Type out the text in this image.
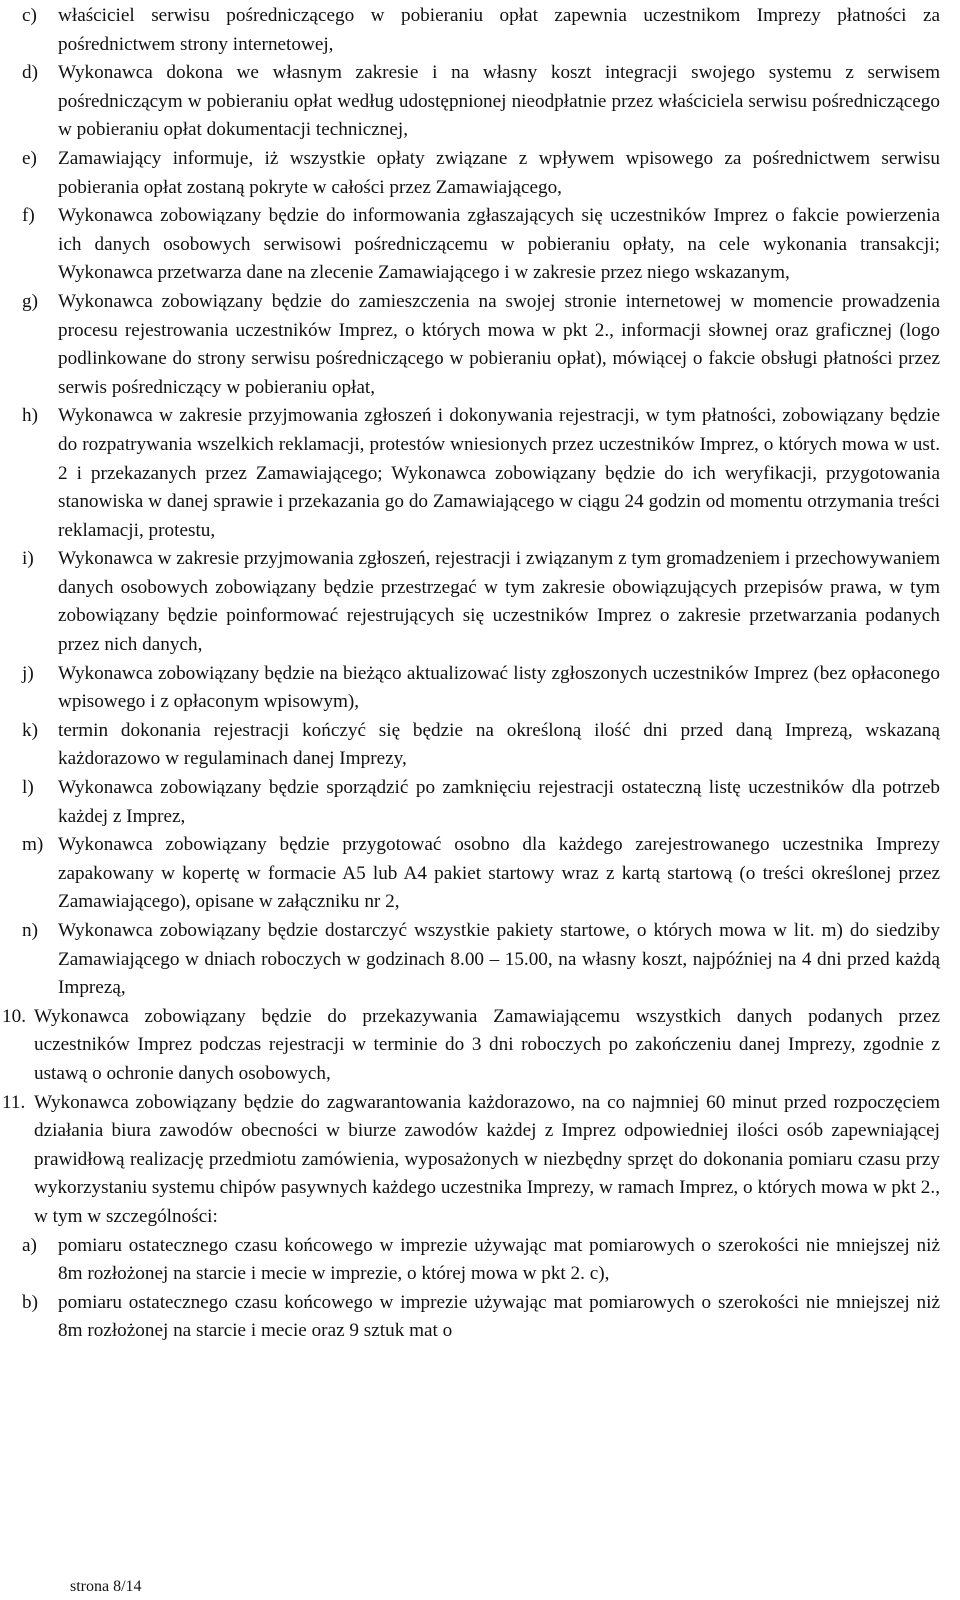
c) właściciel serwisu pośredniczącego w pobieraniu opłat zapewnia uczestnikom Imprezy płatności za pośrednictwem strony internetowej,
d) Wykonawca dokona we własnym zakresie i na własny koszt integracji swojego systemu z serwisem pośredniczącym w pobieraniu opłat według udostępnionej nieodpłatnie przez właściciela serwisu pośredniczącego w pobieraniu opłat dokumentacji technicznej,
e) Zamawiający informuje, iż wszystkie opłaty związane z wpływem wpisowego za pośrednictwem serwisu pobierania opłat zostaną pokryte w całości przez Zamawiającego,
f) Wykonawca zobowiązany będzie do informowania zgłaszających się uczestników Imprez o fakcie powierzenia ich danych osobowych serwisowi pośredniczącemu w pobieraniu opłaty, na cele wykonania transakcji; Wykonawca przetwarza dane na zlecenie Zamawiającego i w zakresie przez niego wskazanym,
g) Wykonawca zobowiązany będzie do zamieszczenia na swojej stronie internetowej w momencie prowadzenia procesu rejestrowania uczestników Imprez, o których mowa w pkt 2., informacji słownej oraz graficznej (logo podlinkowane do strony serwisu pośredniczącego w pobieraniu opłat), mówiącej o fakcie obsługi płatności przez serwis pośredniczący w pobieraniu opłat,
h) Wykonawca w zakresie przyjmowania zgłoszeń i dokonywania rejestracji, w tym płatności, zobowiązany będzie do rozpatrywania wszelkich reklamacji, protestów wniesionych przez uczestników Imprez, o których mowa w ust. 2 i przekazanych przez Zamawiającego; Wykonawca zobowiązany będzie do ich weryfikacji, przygotowania stanowiska w danej sprawie i przekazania go do Zamawiającego w ciągu 24 godzin od momentu otrzymania treści reklamacji, protestu,
i) Wykonawca w zakresie przyjmowania zgłoszeń, rejestracji i związanym z tym gromadzeniem i przechowywaniem danych osobowych zobowiązany będzie przestrzegać w tym zakresie obowiązujących przepisów prawa, w tym zobowiązany będzie poinformować rejestrujących się uczestników Imprez o zakresie przetwarzania podanych przez nich danych,
j) Wykonawca zobowiązany będzie na bieżąco aktualizować listy zgłoszonych uczestników Imprez (bez opłaconego wpisowego i z opłaconym wpisowym),
k) termin dokonania rejestracji kończyć się będzie na określoną ilość dni przed daną Imprezą, wskazaną każdorazowo w regulaminach danej Imprezy,
l) Wykonawca zobowiązany będzie sporządzić po zamknięciu rejestracji ostateczną listę uczestników dla potrzeb każdej z Imprez,
m) Wykonawca zobowiązany będzie przygotować osobno dla każdego zarejestrowanego uczestnika Imprezy zapakowany w kopertę w formacie A5 lub A4 pakiet startowy wraz z kartą startową (o treści określonej przez Zamawiającego), opisane w załączniku nr 2,
n) Wykonawca zobowiązany będzie dostarczyć wszystkie pakiety startowe, o których mowa w lit. m) do siedziby Zamawiającego w dniach roboczych w godzinach 8.00 – 15.00, na własny koszt, najpóźniej na 4 dni przed każdą Imprezą,
10. Wykonawca zobowiązany będzie do przekazywania Zamawiającemu wszystkich danych podanych przez uczestników Imprez podczas rejestracji w terminie do 3 dni roboczych po zakończeniu danej Imprezy, zgodnie z ustawą o ochronie danych osobowych,
11. Wykonawca zobowiązany będzie do zagwarantowania każdorazowo, na co najmniej 60 minut przed rozpoczęciem działania biura zawodów obecności w biurze zawodów każdej z Imprez odpowiedniej ilości osób zapewniającej prawidłową realizację przedmiotu zamówienia, wyposażonych w niezbędny sprzęt do dokonania pomiaru czasu przy wykorzystaniu systemu chipów pasywnych każdego uczestnika Imprezy, w ramach Imprez, o których mowa w pkt 2., w tym w szczególności:
a) pomiaru ostatecznego czasu końcowego w imprezie używając mat pomiarowych o szerokości nie mniejszej niż 8m rozłożonej na starcie i mecie w imprezie, o której mowa w pkt 2. c),
b) pomiaru ostatecznego czasu końcowego w imprezie używając mat pomiarowych o szerokości nie mniejszej niż 8m rozłożonej na starcie i mecie oraz 9 sztuk mat o
strona 8/14
